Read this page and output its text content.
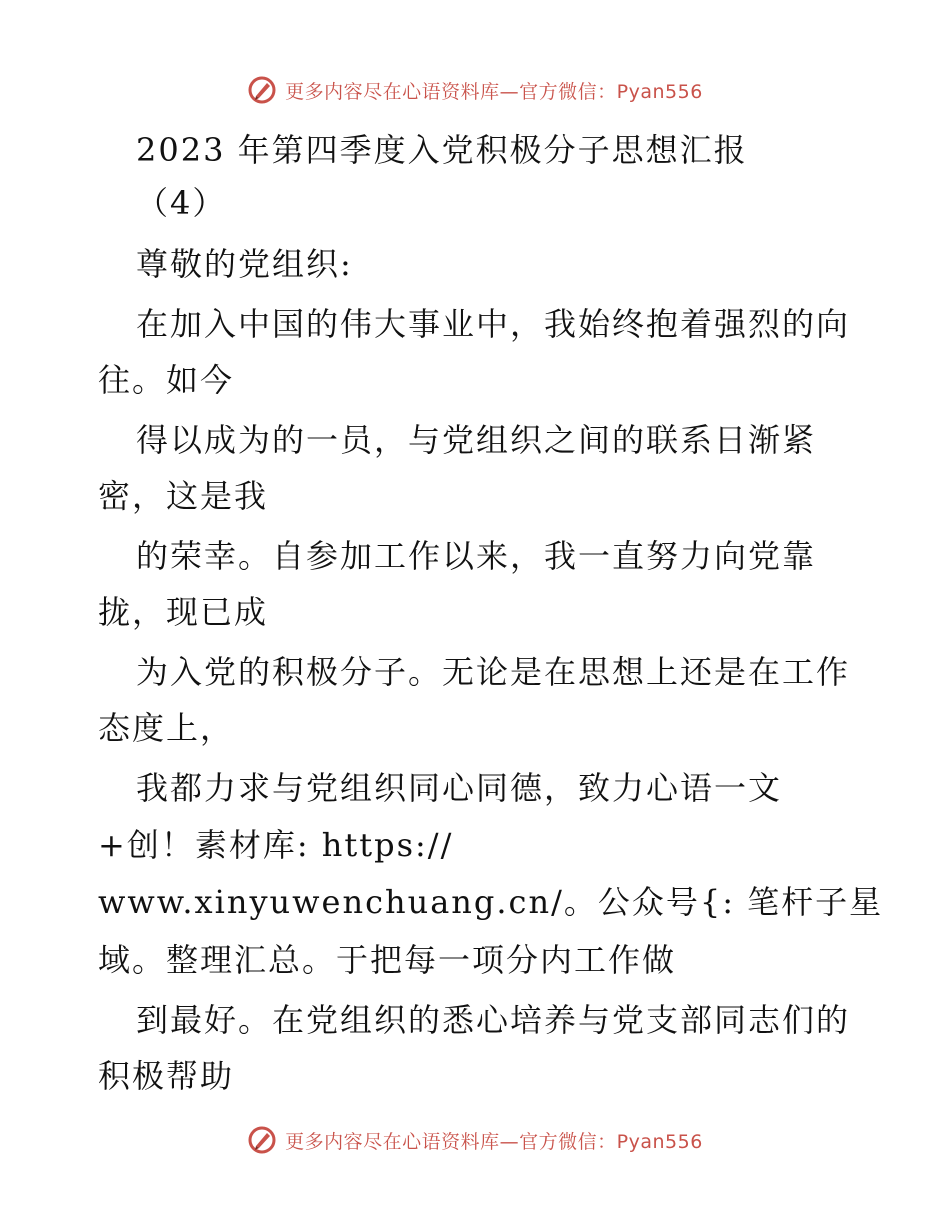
更多内容尽在心语资料库—官方微信：Pyan556
2023 年第四季度入党积极分子思想汇报
（4）
尊敬的党组织:
在加入中国的伟大事业中，我始终抱着强烈的向
往。如今
得以成为的一员，与党组织之间的联系日渐紧
密，这是我
的荣幸。自参加工作以来，我一直努力向党靠
拢，现已成
为入党的积极分子。无论是在思想上还是在工作
态度上，
我都力求与党组织同心同德，致力心语一文
+创！素材库: https://
www.xinyuwenchuang.cn/。公众号{: 笔杆子星
域。整理汇总。于把每一项分内工作做
到最好。在党组织的悉心培养与党支部同志们的
积极帮助
更多内容尽在心语资料库—官方微信：Pyan556
